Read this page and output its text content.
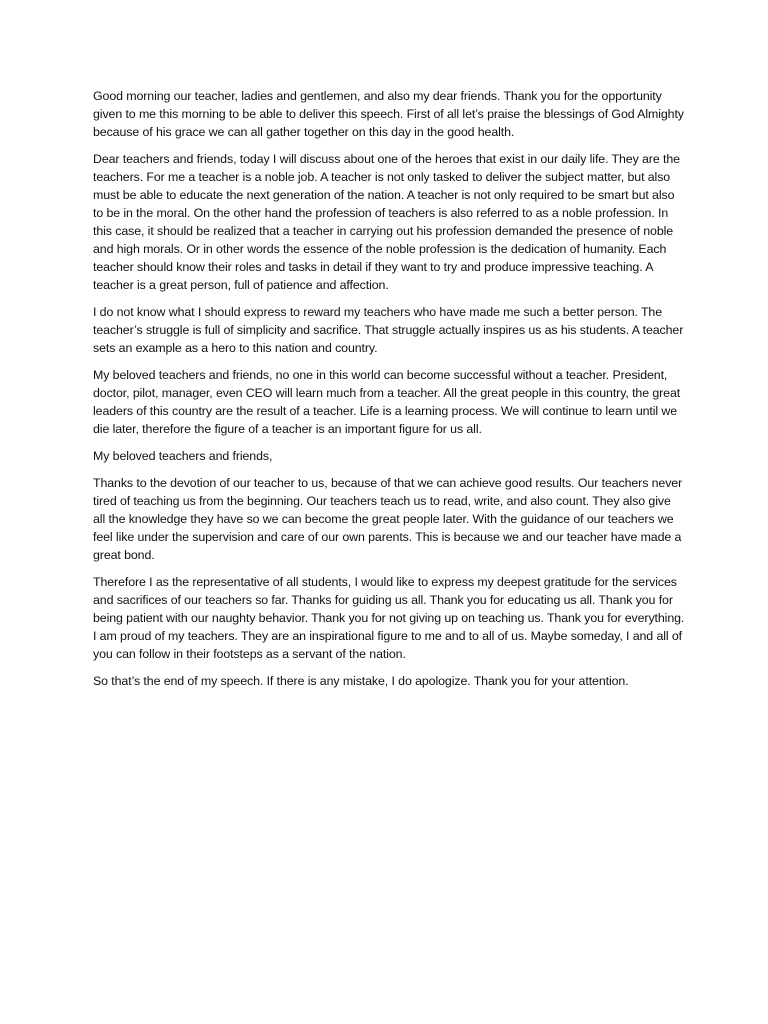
Good morning our teacher, ladies and gentlemen, and also my dear friends. Thank you for the opportunity given to me this morning to be able to deliver this speech. First of all let’s praise the blessings of God Almighty because of his grace we can all gather together on this day in the good health.

Dear teachers and friends, today I will discuss about one of the heroes that exist in our daily life. They are the teachers. For me a teacher is a noble job. A teacher is not only tasked to deliver the subject matter, but also must be able to educate the next generation of the nation. A teacher is not only required to be smart but also to be in the moral. On the other hand the profession of teachers is also referred to as a noble profession. In this case, it should be realized that a teacher in carrying out his profession demanded the presence of noble and high morals. Or in other words the essence of the noble profession is the dedication of humanity. Each teacher should know their roles and tasks in detail if they want to try and produce impressive teaching. A teacher is a great person, full of patience and affection.

I do not know what I should express to reward my teachers who have made me such a better person. The teacher’s struggle is full of simplicity and sacrifice. That struggle actually inspires us as his students. A teacher sets an example as a hero to this nation and country.

My beloved teachers and friends, no one in this world can become successful without a teacher. President, doctor, pilot, manager, even CEO will learn much from a teacher. All the great people in this country, the great leaders of this country are the result of a teacher. Life is a learning process. We will continue to learn until we die later, therefore the figure of a teacher is an important figure for us all.

My beloved teachers and friends,

Thanks to the devotion of our teacher to us, because of that we can achieve good results. Our teachers never tired of teaching us from the beginning. Our teachers teach us to read, write, and also count. They also give all the knowledge they have so we can become the great people later. With the guidance of our teachers we feel like under the supervision and care of our own parents. This is because we and our teacher have made a great bond.

Therefore I as the representative of all students, I would like to express my deepest gratitude for the services and sacrifices of our teachers so far. Thanks for guiding us all. Thank you for educating us all. Thank you for being patient with our naughty behavior. Thank you for not giving up on teaching us. Thank you for everything. I am proud of my teachers. They are an inspirational figure to me and to all of us. Maybe someday, I and all of you can follow in their footsteps as a servant of the nation.

So that’s the end of my speech. If there is any mistake, I do apologize. Thank you for your attention.
